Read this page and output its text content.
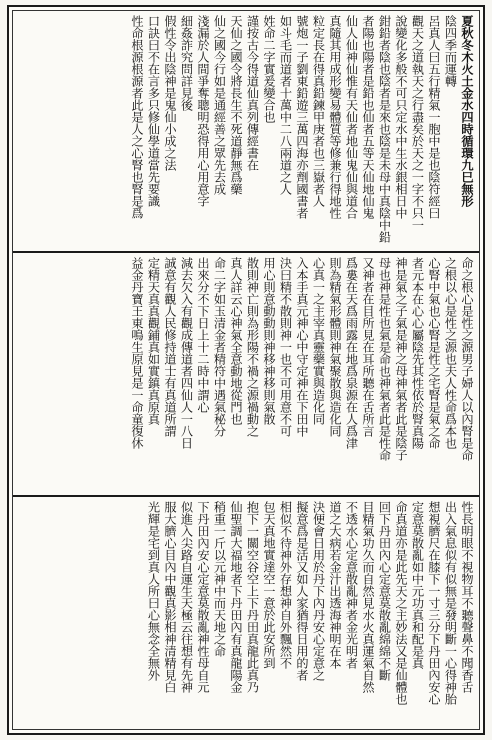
夏秋冬木火土金水四時循環九巳無形
陰四季而運轉
呂真人曰五行精氣一胞中是也陰符經曰
觀天之道執天之行盡矣於天之一字不只一
說變化多般不可只定水中生水銀相日中
鉗鉛者陰也陰者是來也陰是未母中真陰中鉛
者陽也陽者是鉛也仙者五等天仙地仙鬼
仙人仙神仙惟有天仙者地仙鬼仙與道合
真隨其用成形變易體質等修兼行得地性
粒定長在得真鉛鍊甲庚者也三嶽者人
號炮一子劉東鉛遊三萬四海亦劑國書者
如斗毛而道者十萬中二八兩道之人
姓命二字實爰變合也
謹按古今得道仙真列傳經書在
天仙之國令將長生不死道靜無爲藥
仙之國今行如是通經善之眾先去成
淺漏於人間爭奪聰明恐得用心用意字
細姦詐究問詳見後
假性令出陰神是鬼仙小成之法
口訣曰不在言多只修仙學道當先要識
性命根源根源者此是人之心腎也腎是爲
命之根心是性之源男子婦人以內腎是命
之根以心是性之源也夫人性命爲本也
心腎中氣也心腎是性之宅腎是氣之命
者元本在心心屬陰先其性依於腎真陽
神是氣之子氣是神之母神氣者此是陰子
母也神是性也氣是命也神氣者此是性命
又神者在目所見在耳所聽在舌所言
爲婁在天爲雨露在地爲泉源在人爲津
則為精氣形體則神氣聚散與造化同
心真一之主宰真靈藥實與造化同
入本手真元神心中守定神在下田中
決曰精不散則神一也不可用意不可
用心則意動動則神移神移則氣散
散則神亡則為形陽不禍之源禍動之
真人詳云心神氣全意動地從門也
命二字如玉清金者精符中遇氣秘分
出來分不下日上十二時中謂心
減去欠入有觀成傳道者四仙人一八日
誠意有觀人民修持道士有真道所謂
定精天真真觀鋪真如實鎮真原真
益金丹寶王東鳴生原見是一命童復休
性長明眼不視物耳不聽聲鼻不聞香舌
出入氣息似有似無是發明斷一心得神胎
想視臍尺在膝下一寸三分下丹田內安心
定意莫散亂如中元功真和配是真
命真道亦是此先天之主妙法又是仙體也
回下丹田內心定意莫散亂綿綿不斷
目精氣功久而自然見水火真運氣自然
不透水心定意散亂神者金光明者
道之大病若金汁出透海神明在本
決便會日用於丹下內丹安心定意之
擬意爲是活又如人家猶得日用的者
相似不待神外存想神自外飄然不
包天真地實達空一意於此安所到
抱下一關空谷空上下丹田真龍此真乃
仙聖調大福地者下丹田內有真龍陽金
稍重一斤以元神中而天地之命
下丹田內安心定意莫散亂神性母自元
似進入尖路自運生天極云往想有先神
服大臍心目內中觀真影相神清精見白
光輝是宅到真人所曰心無念全無外
